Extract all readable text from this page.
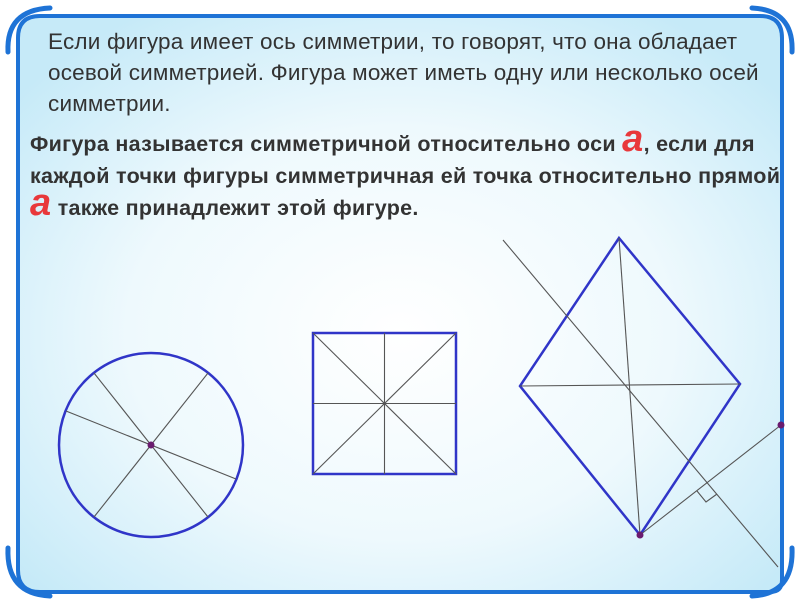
Если фигура имеет ось симметрии, то говорят, что она обладает осевой симметрией. Фигура может иметь одну или несколько осей симметрии.

Фигура называется симметричной относительно оси а, если для каждой точки фигуры симметричная ей точка относительно прямой а также принадлежит этой фигуре.
